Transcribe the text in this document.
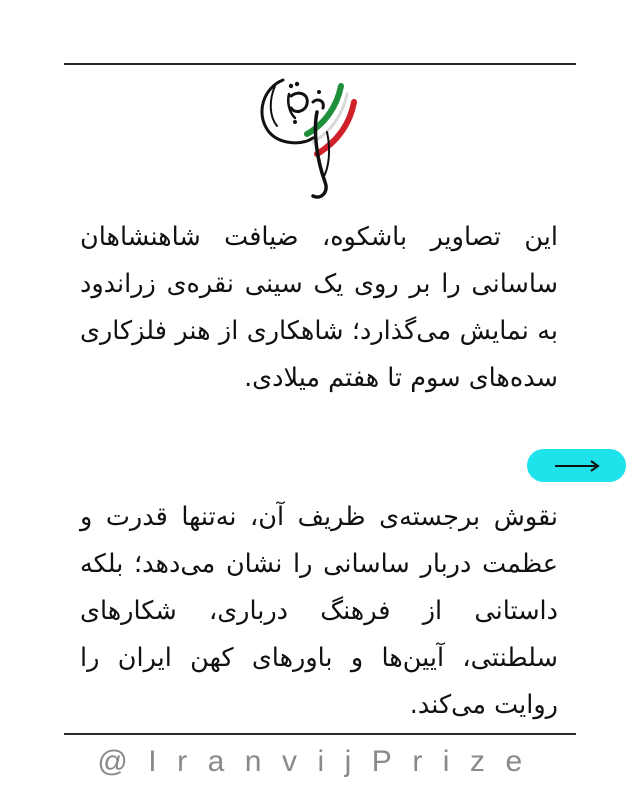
این تصاویر باشکوه، ضیافت شاهنشاهان ساسانی را بر روی یک سینی نقره‌ی زراندود به نمایش می‌گذارد؛ شاهکاری از هنر فلزکاری سده‌های سوم تا هفتم میلادی.
نقوش برجسته‌ی ظریف آن، نه‌تنها قدرت و عظمت دربار ساسانی را نشان می‌دهد؛ بلکه داستانی از فرهنگ درباری، شکارهای سلطنتی، آیین‌ها و باورهای کهن ایران را روایت می‌کند.
@IranvijPrize
